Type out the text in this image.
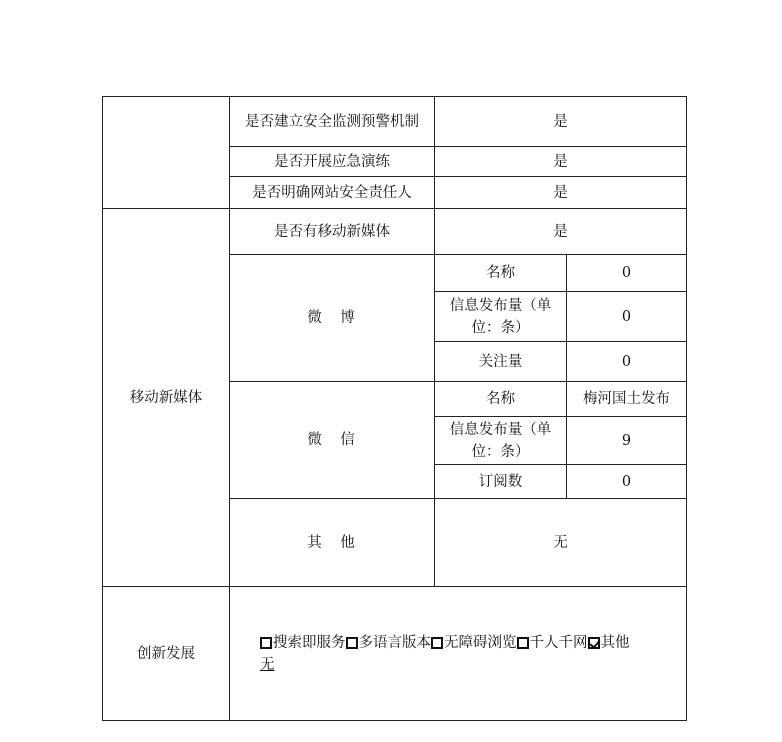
	是否建立安全监测预警机制	是	
	是否开展应急演练	是	
	是否明确网站安全责任人	是	
移动新媒体	是否有移动新媒体	是	
	微　博	名称	0
		信息发布量（单位：条）	0
		关注量	0
	微　信	名称	梅河国土发布
		信息发布量（单位：条）	9
		订阅数	0
	其　他	无	
创新发展	搜索即服务 多语言版本 无障碍浏览 千人千网 其他
无		
